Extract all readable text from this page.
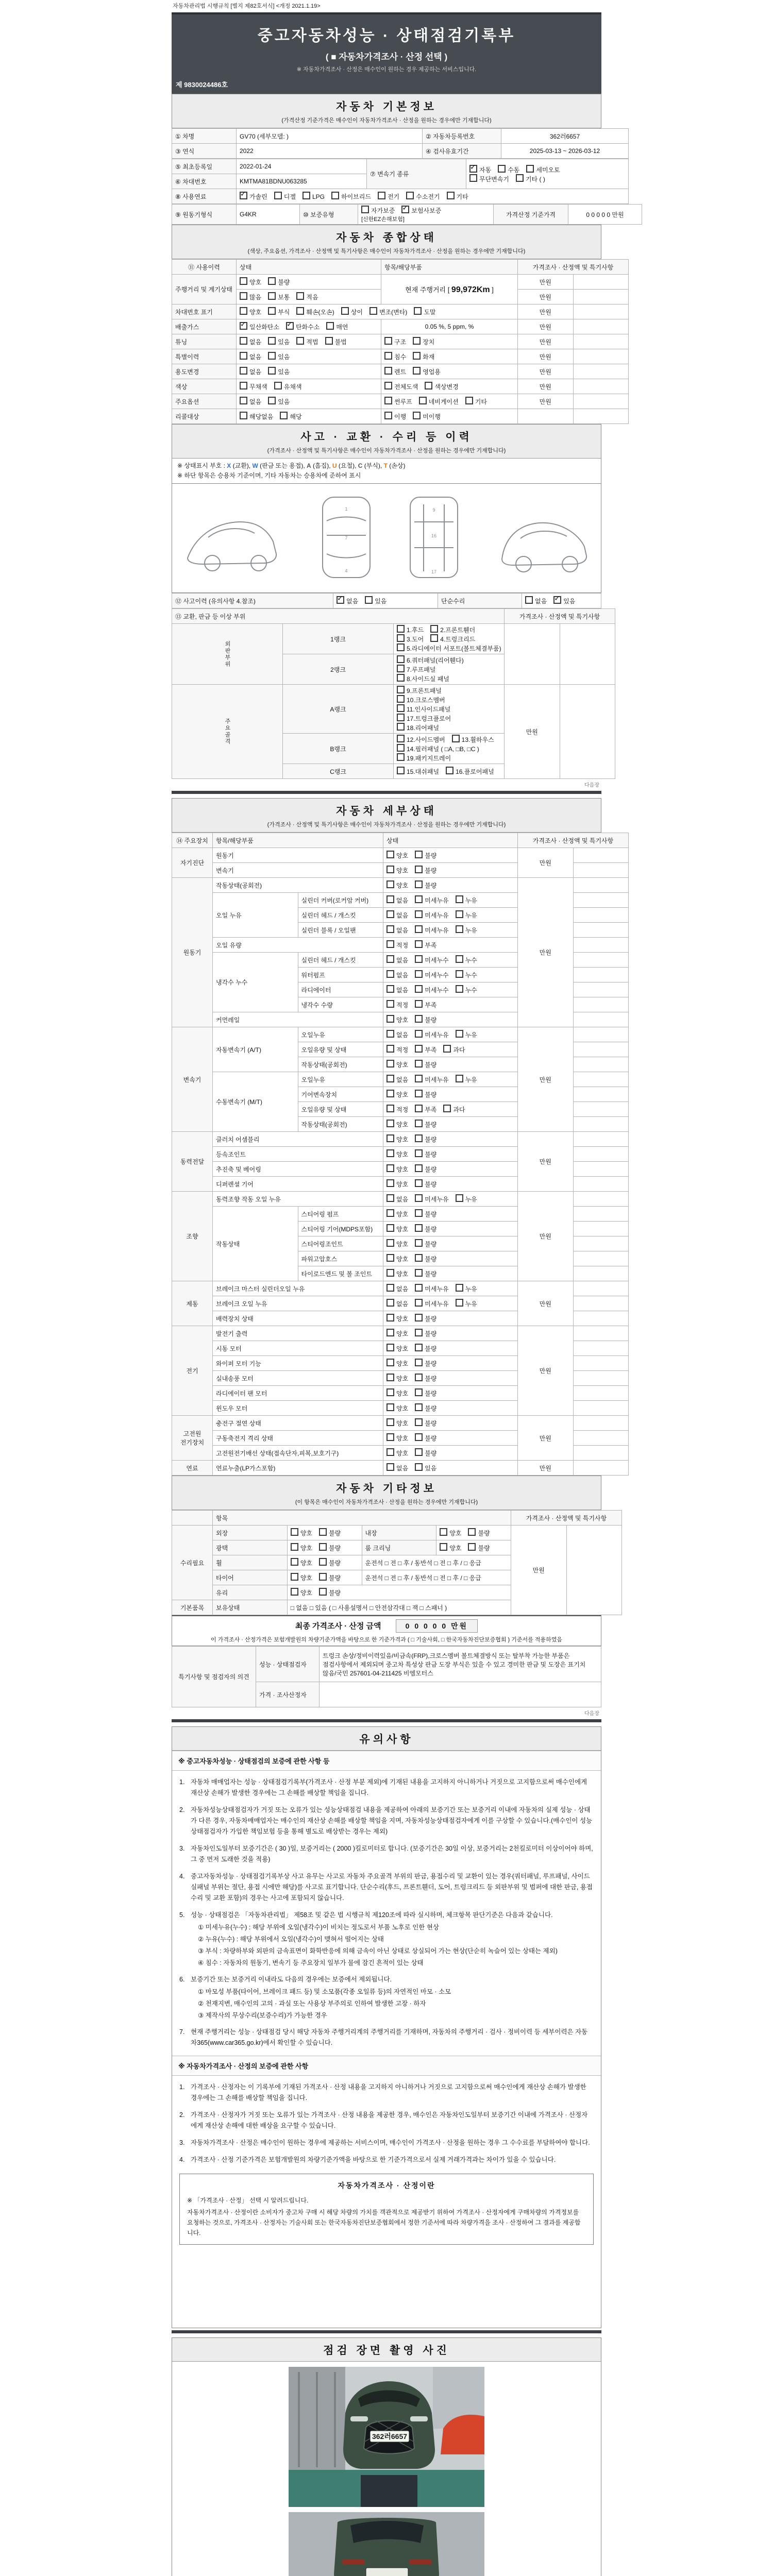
자동차관리법 시행규칙 [별지 제82호서식] <개정 2021.1.19>
중고자동차성능 · 상태점검기록부
( ■ 자동차가격조사 · 산정 선택 )
※ 자동차가격조사 · 산정은 매수인이 원하는 경우 제공하는 서비스입니다.
제 9830024486호
자동차 기본정보
(가격산정 기준가격은 매수인이 자동차가격조사 · 산정을 원하는 경우에만 기재합니다)
① 차명	GV70 (세부모델: )	② 자동차등록번호	362러6657
③ 연식	2022	④ 검사유효기간	2025-03-13 ~ 2026-03-12
⑤ 최초등록일	2022-01-24	⑦ 변속기 종류	
✓자동 수동 세미오토
무단변속기 기타 ( )

⑥ 차대번호	KMTMA81BDNU063285		
⑧ 사용연료	✓가솔린 디젤 LPG 하이브리드 전기 수소전기 기타
⑨ 원동기형식	G4KR	⑩ 보증유형	자가보증 ✓	보험사보증[신한EZ손해보험]	가격산정 기준가격	0 0 0 0 0 만원
자동차 종합상태
(색상, 주요옵션, 가격조사 · 산정액 및 특기사항은 매수인이 자동차가격조사 · 산정을 원하는 경우에만 기재합니다)
⑪ 사용이력	상태	항목/해당부품	가격조사 · 산정액 및 특기사항	
주행거리 및 계기상태	양호 불량	현재 주행거리 [ 99,972Km ]	만원	
	많음 보통 적음		만원	
차대번호 표기	양호 부식 훼손(오손) 상이 변조(변타) 도말		만원	
배출가스	✓일산화탄소 ✓ 탄화수소 매연	0.05 %, 5 ppm, %	만원	
튜닝	없음 있음 적법 불법	구조 장치	만원	
특별이력	없음 있음	침수 화재	만원	
용도변경	없음 있음	렌트 영업용	만원	
색상	무채색 유채색	전체도색 색상변경	만원	
주요옵션	없음 있음	썬루프 네비게이션 기타	만원	
리콜대상	해당없음 해당	이행 미이행		
사고 · 교환 · 수리 등 이력
(가격조사 · 산정액 및 특기사항은 매수인이 자동차가격조사 · 산정을 원하는 경우에만 기재합니다)
※ 상태표시 부호 : X (교환), W (판금 또는 용접), A (흠집), U (요철), C (부식), T (손상)
※ 하단 항목은 승용차 기준이며, 기타 자동차는 승용차에 준하여 표시
1
7
4
9
16
17
⑫ 사고이력 (유의사항 4.참조)	✓없음	있음	단순수리	없음 ✓	있음
⑬ 교환, 판금 등 이상 부위			가격조사 · 산정액 및 특기사항	
외판부위	1랭크	1.후드 2.프론트휀더3.도어 4.트렁크리드5.라디에이터 서포트(볼트체결부품)		
	2랭크	6.쿼터패널(리어휀다)7.루프패널8.사이드실 패널		
주요골격	A랭크	9.프론트패널10.크로스멤버11.인사이드패널17.트렁크플로어18.리어패널	만원	
	B랭크	12.사이드멤버 13.휠하우스14.필러패널 ( □A, □B, □C )19.패키지트레이		
	C랭크	15.대쉬패널 16.플로어패널		
다음장
자동차 세부상태
(가격조사 · 산정액 및 특기사항은 매수인이 자동차가격조사 · 산정을 원하는 경우에만 기재합니다)
⑭ 주요장치	항목/해당부품		상태	가격조사 · 산정액 및 특기사항	
자기진단	원동기		양호 불량	만원	
	변속기		양호 불량		
원동기	작동상태(공회전)		양호 불량	만원	
	오일 누유	실린더 커버(로커암 커버)	없음 미세누유 누유		
		실린더 헤드 / 개스킷	없음 미세누유 누유		
		실린더 블록 / 오일팬	없음 미세누유 누유		
	오일 유량		적정 부족		
	냉각수 누수	실린더 헤드 / 개스킷	없음 미세누수 누수		
		워터펌프	없음 미세누수 누수		
		라디에이터	없음 미세누수 누수		
		냉각수 수량	적정 부족		
	커먼레일		양호 불량		
변속기	자동변속기 (A/T)	오일누유	없음 미세누유 누유	만원	
		오일유량 및 상태	적정 부족 과다		
		작동상태(공회전)	양호 불량		
	수동변속기 (M/T)	오일누유	없음 미세누유 누유		
		기어변속장치	양호 불량		
		오일유량 및 상태	적정 부족 과다		
		작동상태(공회전)	양호 불량		
동력전달	클러치 어셈블리		양호 불량	만원	
	등속조인트		양호 불량		
	추진축 및 베어링		양호 불량		
	디퍼렌셜 기어		양호 불량		
조향	동력조향 작동 오일 누유		없음 미세누유 누유	만원	
	작동상태	스티어링 펌프	양호 불량		
		스티어링 기어(MDPS포함)	양호 불량		
		스티어링조인트	양호 불량		
		파워고압호스	양호 불량		
		타이로드엔드 및 볼 조인트	양호 불량		
제동	브레이크 마스터 실린더오일 누유		없음 미세누유 누유	만원	
	브레이크 오일 누유		없음 미세누유 누유		
	배력장치 상태		양호 불량		
전기	발전기 출력		양호 불량	만원	
	시동 모터		양호 불량		
	와이퍼 모터 기능		양호 불량		
	실내송풍 모터		양호 불량		
	라디에이터 팬 모터		양호 불량		
	윈도우 모터		양호 불량		
고전원 전기장치	충전구 절연 상태		양호 불량	만원	
	구동축전지 격리 상태		양호 불량		
	고전원전기배선 상태(접속단자,피복,보호기구)		양호 불량		
연료	연료누출(LP가스포함)		없음 있음	만원	
자동차 기타정보
(이 항목은 매수인이 자동차가격조사 · 산정을 원하는 경우에만 기재합니다)
	항목				가격조사 · 산정액 및 특기사항	
수리필요	외장	양호 불량	내장	양호 불량	만원	
	광택	양호 불량	룸 크리닝	양호 불량		
	휠	양호 불량	운전석 □ 전 □ 후 / 동반석 □ 전 □ 후 / □ 응급			
	타이어	양호 불량	운전석 □ 전 □ 후 / 동반석 □ 전 □ 후 / □ 응급			
	유리	양호 불량				
기본품목	보유상태	□ 없음 □ 있음 ( □ 사용설명서 □ 안전삼각대 □ 잭 □ 스패너 )				
최종 가격조사 · 산정 금액	0 0 0 0 0 만원
이 가격조사 · 산정가격은 보험개발원의 차량기준가액을 바탕으로 한 기준가격과 ( □ 기술사회, □ 한국자동차진단보증협회 ) 기준서를 적용하였음
특기사항 및 점검자의 의견	성능 · 상태점검자	트렁크 손상/정비이력있음/비금속(FRP),크로스멤버 볼트체결방식 또는 탈부착 가능한 부품은 점검사항에서 제외되며 중고차 특성상 판금 도장 부식은 있을 수 있고 경미한 판금 및 도장은 표기치 않음/국민 257601-04-211425 비엠모터스
	가격 · 조사산정자	
다음장
유의사항
※ 중고자동차성능 · 상태점검의 보증에 관한 사항 등
1. 자동차 매매업자는 성능 · 상태점검기록부(가격조사 · 산정 부분 제외)에 기재된 내용을 고지하지 아니하거나 거짓으로 고지함으로써 매수인에게 재산상 손해가 발생한 경우에는 그 손해를 배상할 책임을 집니다.
2. 자동차성능상태점검자가 거짓 또는 오류가 있는 성능상태점검 내용을 제공하여 아래의 보증기간 또는 보증거리 이내에 자동차의 실제 성능 · 상태가 다른 경우, 자동차매매업자는 매수인의 재산상 손해를 배상할 책임을 지며, 자동차성능상태점검자에게 이를 구상할 수 있습니다.(매수인이 성능상태점검자가 가입한 책임보험 등을 통해 별도로 배상받는 경우는 제외)
3. 자동차인도일부터 보증기간은 ( 30 )일, 보증거리는 ( 2000 )킬로미터로 합니다. (보증기간은 30일 이상, 보증거리는 2천킬로미터 이상이어야 하며, 그 중 먼저 도래한 것을 적용)
4. 중고자동차성능 · 상태점검기록부상 사고 유무는 사고로 자동차 주요골격 부위의 판금, 용접수리 및 교환이 있는 경우(쿼터패널, 루프패널, 사이드실패널 부위는 절단, 용접 시에만 해당)를 사고로 표기합니다. 단순수리(후드, 프론트휀더, 도어, 트렁크리드 등 외판부위 및 범퍼에 대한 판금, 용접수리 및 교환 포함)의 경우는 사고에 포함되지 않습니다.
5. 성능 · 상태점검은 「자동차관리법」 제58조 및 같은 법 시행규칙 제120조에 따라 실시하며, 체크항목 판단기준은 다음과 같습니다.
① 미세누유(누수) : 해당 부위에 오일(냉각수)이 비치는 정도로서 부품 노후로 인한 현상
② 누유(누수) : 해당 부위에서 오일(냉각수)이 맺혀서 떨어지는 상태
③ 부식 : 차량하부와 외판의 금속표면이 화학반응에 의해 금속이 아닌 상태로 상실되어 가는 현상(단순히 녹슬어 있는 상태는 제외)
④ 침수 : 자동차의 원동기, 변속기 등 주요장치 일부가 물에 잠긴 흔적이 있는 상태
6. 보증기간 또는 보증거리 이내라도 다음의 경우에는 보증에서 제외됩니다.
① 마모성 부품(타이어, 브레이크 패드 등) 및 소모품(각종 오일류 등)의 자연적인 마모 · 소모
② 천재지변, 매수인의 고의 · 과실 또는 사용상 부주의로 인하여 발생한 고장 · 하자
③ 제작사의 무상수리(보증수리)가 가능한 경우
7. 현재 주행거리는 성능 · 상태점검 당시 해당 자동차 주행거리계의 주행거리를 기재하며, 자동차의 주행거리 · 검사 · 정비이력 등 세부이력은 자동차365(www.car365.go.kr)에서 확인할 수 있습니다.
※ 자동차가격조사 · 산정의 보증에 관한 사항
1. 가격조사 · 산정자는 이 기록부에 기재된 가격조사 · 산정 내용을 고지하지 아니하거나 거짓으로 고지함으로써 매수인에게 재산상 손해가 발생한 경우에는 그 손해를 배상할 책임을 집니다.
2. 가격조사 · 산정자가 거짓 또는 오류가 있는 가격조사 · 산정 내용을 제공한 경우, 매수인은 자동차인도일부터 보증기간 이내에 가격조사 · 산정자에게 재산상 손해에 대한 배상을 요구할 수 있습니다.
3. 자동차가격조사 · 산정은 매수인이 원하는 경우에 제공하는 서비스이며, 매수인이 가격조사 · 산정을 원하는 경우 그 수수료를 부담하여야 합니다.
4. 가격조사 · 산정 기준가격은 보험개발원의 차량기준가액을 바탕으로 한 기준가격으로서 실제 거래가격과는 차이가 있을 수 있습니다.
자동차가격조사 · 산정이란
※ 「가격조사 · 산정」 선택 시 알려드립니다.
자동차가격조사 · 산정이란 소비자가 중고차 구매 시 해당 차량의 가치를 객관적으로 제공받기 위하여 가격조사 · 산정자에게 구매차량의 가격정보를 요청하는 것으로, 가격조사 · 산정자는 기술사회 또는 한국자동차진단보증협회에서 정한 기준서에 따라 차량가격을 조사 · 산정하여 그 결과를 제공합니다.
점검 장면 촬영 사진
362러6657
